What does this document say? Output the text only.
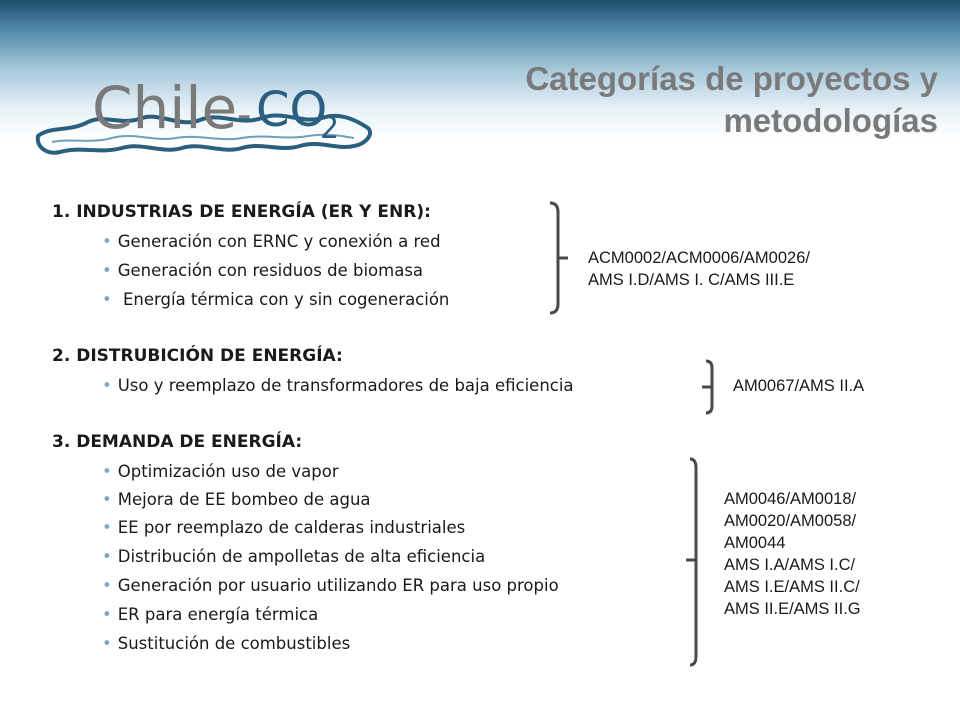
Chile - CO
2
Categorías de proyectos y
metodologías
1. INDUSTRIAS DE ENERGÍA (ER Y ENR):
• Generación con ERNC y conexión a red
• Generación con residuos de biomasa
• Energía térmica con y sin cogeneración
2. DISTRUBICIÓN DE ENERGÍA:
• Uso y reemplazo de transformadores de baja eficiencia
3. DEMANDA DE ENERGÍA:
• Optimización uso de vapor
• Mejora de EE bombeo de agua
• EE por reemplazo de calderas industriales
• Distribución de ampolletas de alta eficiencia
• Generación por usuario utilizando ER para uso propio
• ER para energía térmica
• Sustitución de combustibles
ACM0002/ACM0006/AM0026/
AMS I.D/AMS I. C/AMS III.E
AM0067/AMS II.A
AM0046/AM0018/
AM0020/AM0058/
AM0044
AMS I.A/AMS I.C/
AMS I.E/AMS II.C/
AMS II.E/AMS II.G
